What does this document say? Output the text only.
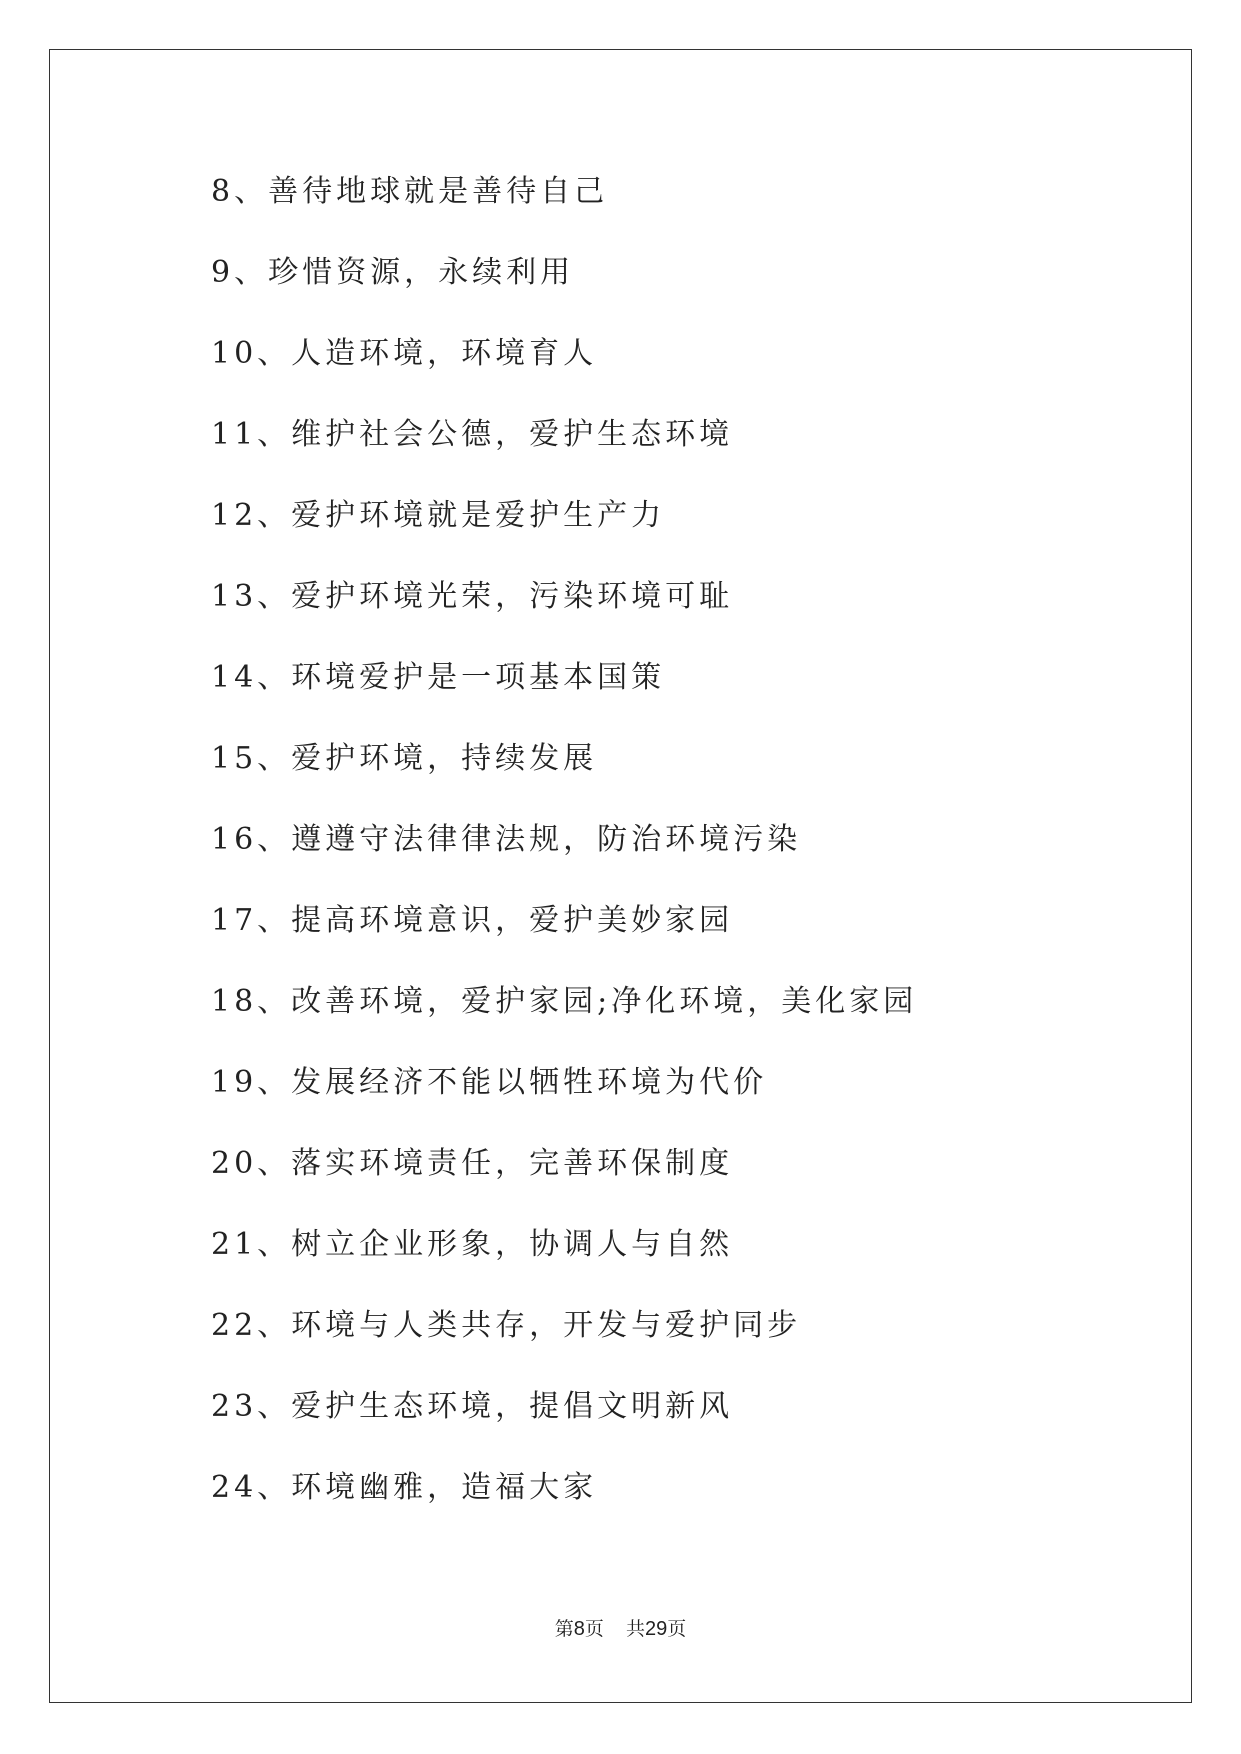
8、善待地球就是善待自己
9、珍惜资源，永续利用
10、人造环境，环境育人
11、维护社会公德，爱护生态环境
12、爱护环境就是爱护生产力
13、爱护环境光荣，污染环境可耻
14、环境爱护是一项基本国策
15、爱护环境，持续发展
16、遵遵守法律律法规，防治环境污染
17、提高环境意识，爱护美妙家园
18、改善环境，爱护家园;净化环境，美化家园
19、发展经济不能以牺牲环境为代价
20、落实环境责任，完善环保制度
21、树立企业形象，协调人与自然
22、环境与人类共存，开发与爱护同步
23、爱护生态环境，提倡文明新风
24、环境幽雅，造福大家
第8页 共29页
